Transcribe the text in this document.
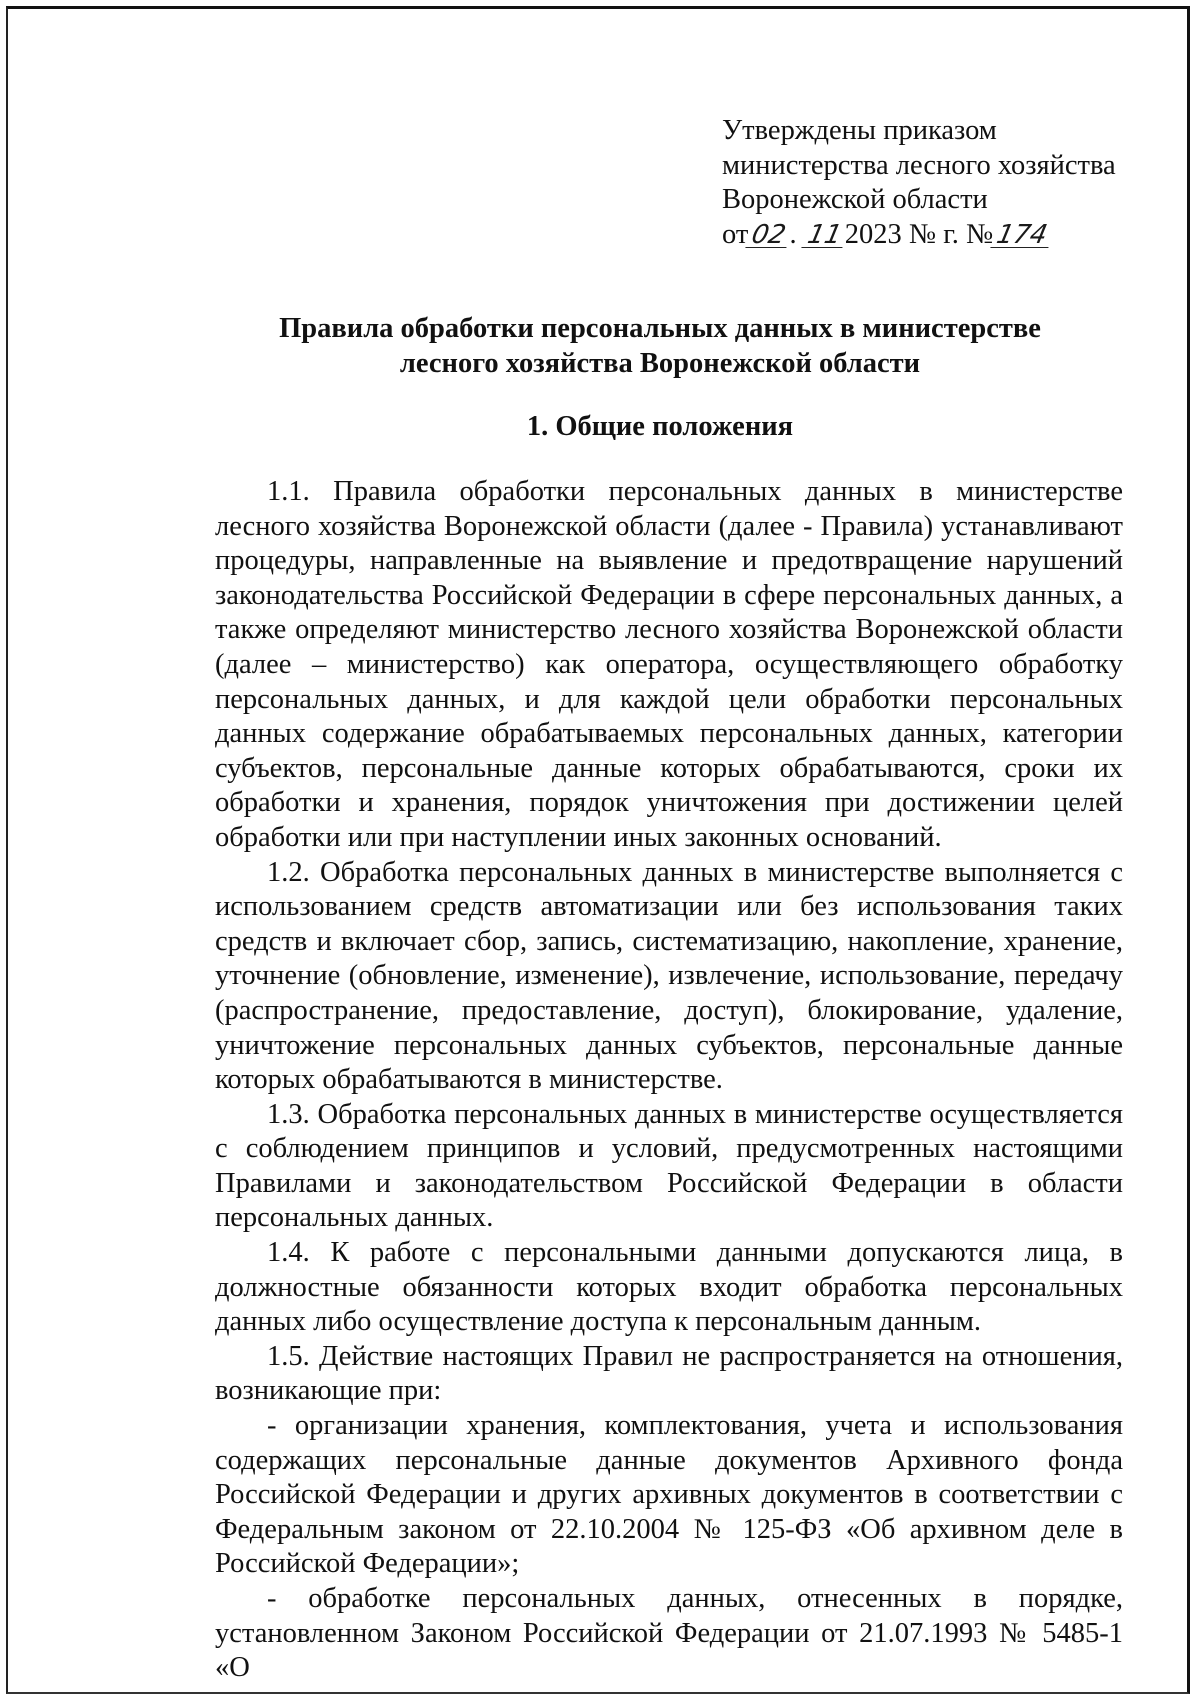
Утверждены приказом
министерства лесного хозяйства
Воронежской области
от02. 112023 № г. №174
Правила обработки персональных данных в министерстве
лесного хозяйства Воронежской области
1. Общие положения

1.1. Правила обработки персональных данных в министерстве лесного хозяйства Воронежской области (далее - Правила) устанавливают процедуры, направленные на выявление и предотвращение нарушений законодательства Российской Федерации в сфере персональных данных, а также определяют министерство лесного хозяйства Воронежской области (далее – министерство) как оператора, осуществляющего обработку персональных данных, и для каждой цели обработки персональных данных содержание обрабатываемых персональных данных, категории субъектов, персональные данные которых обрабатываются, сроки их обработки и хранения, порядок уничтожения при достижении целей обработки или при наступлении иных законных оснований.

1.2. Обработка персональных данных в министерстве выполняется с использованием средств автоматизации или без использования таких средств и включает сбор, запись, систематизацию, накопление, хранение, уточнение (обновление, изменение), извлечение, использование, передачу (распространение, предоставление, доступ), блокирование, удаление, уничтожение персональных данных субъектов, персональные данные которых обрабатываются в министерстве.

1.3. Обработка персональных данных в министерстве осуществляется с соблюдением принципов и условий, предусмотренных настоящими Правилами и законодательством Российской Федерации в области персональных данных.

1.4. К работе с персональными данными допускаются лица, в должностные обязанности которых входит обработка персональных данных либо осуществление доступа к персональным данным.

1.5. Действие настоящих Правил не распространяется на отношения, возникающие при:

- организации хранения, комплектования, учета и использования содержащих персональные данные документов Архивного фонда Российской Федерации и других архивных документов в соответствии с Федеральным законом от 22.10.2004 № 125-ФЗ «Об архивном деле в Российской Федерации»;

- обработке персональных данных, отнесенных в порядке, установленном Законом Российской Федерации от 21.07.1993 № 5485-1 «О
